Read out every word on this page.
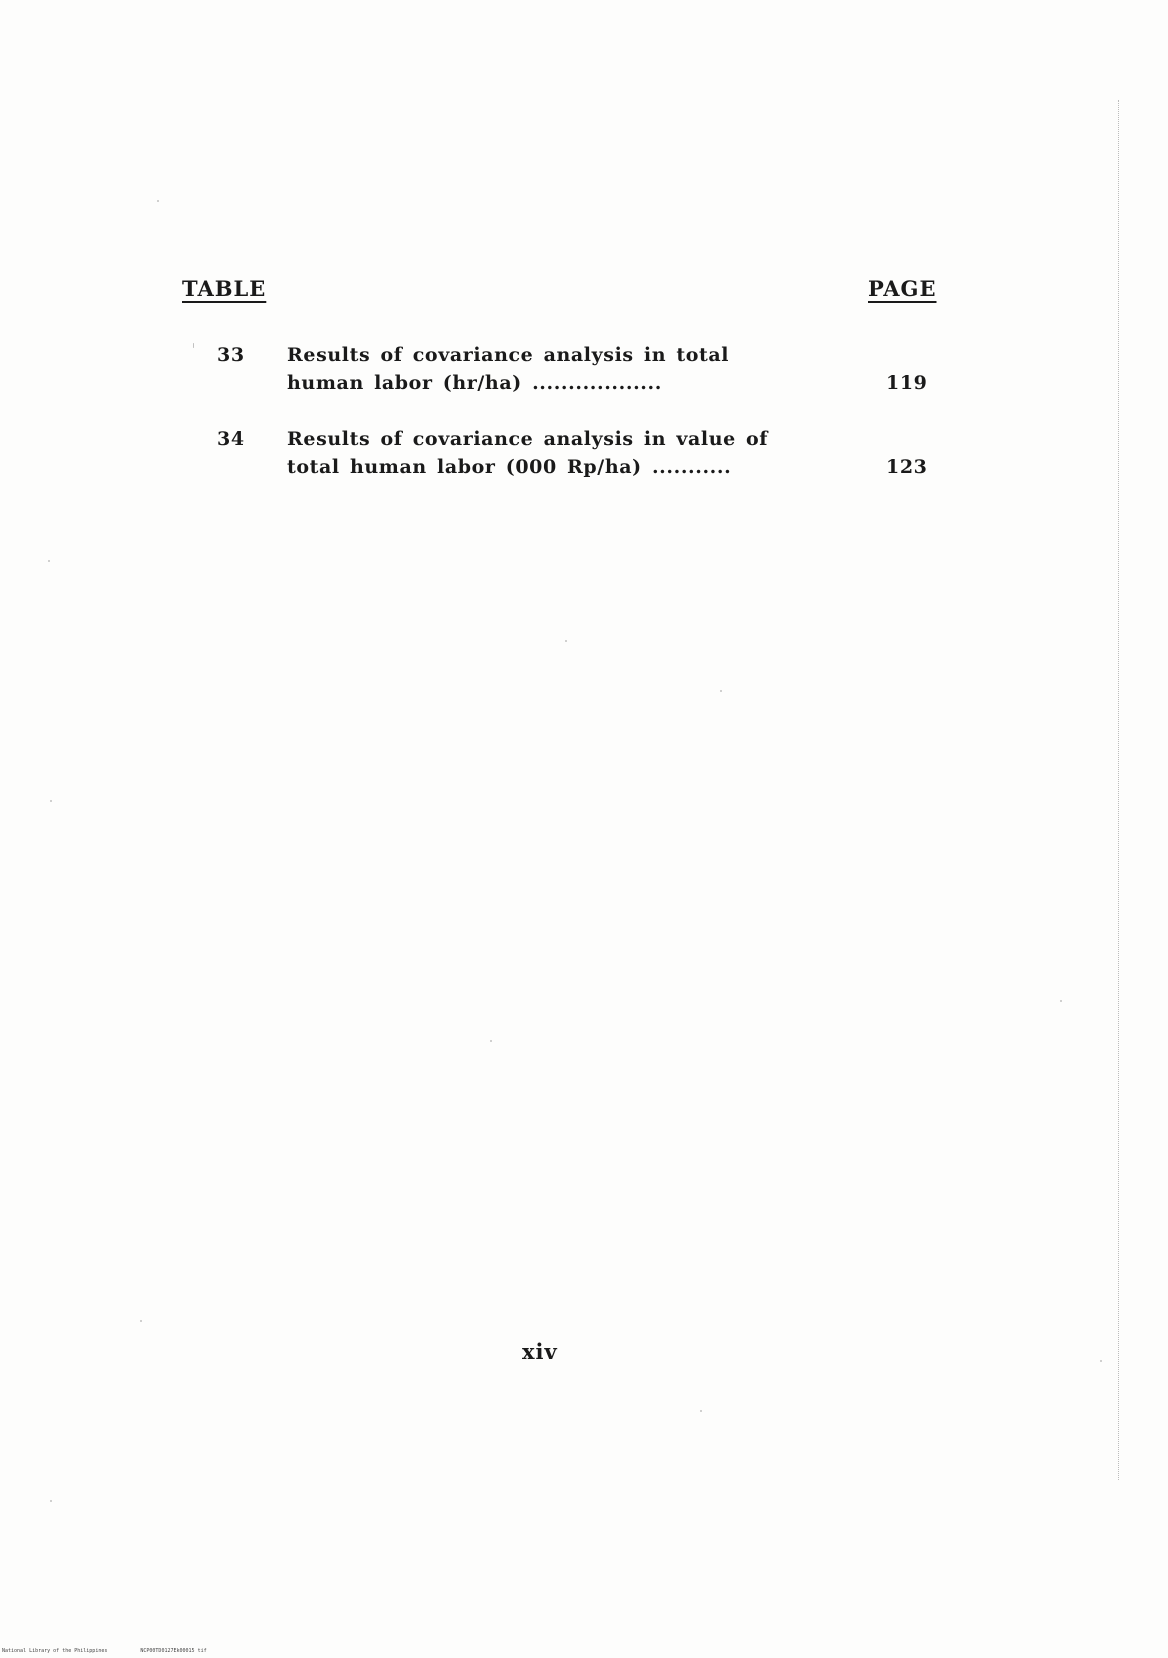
TABLE	PAGE
33 Results of covariance analysis in total
human labor (hr/ha) ..................	119
34 Results of covariance analysis in value of
total human labor (000 Rp/ha) ...........	123
xiv
National Library of the Philippines	NCP00TD0127Ek00015 tif
